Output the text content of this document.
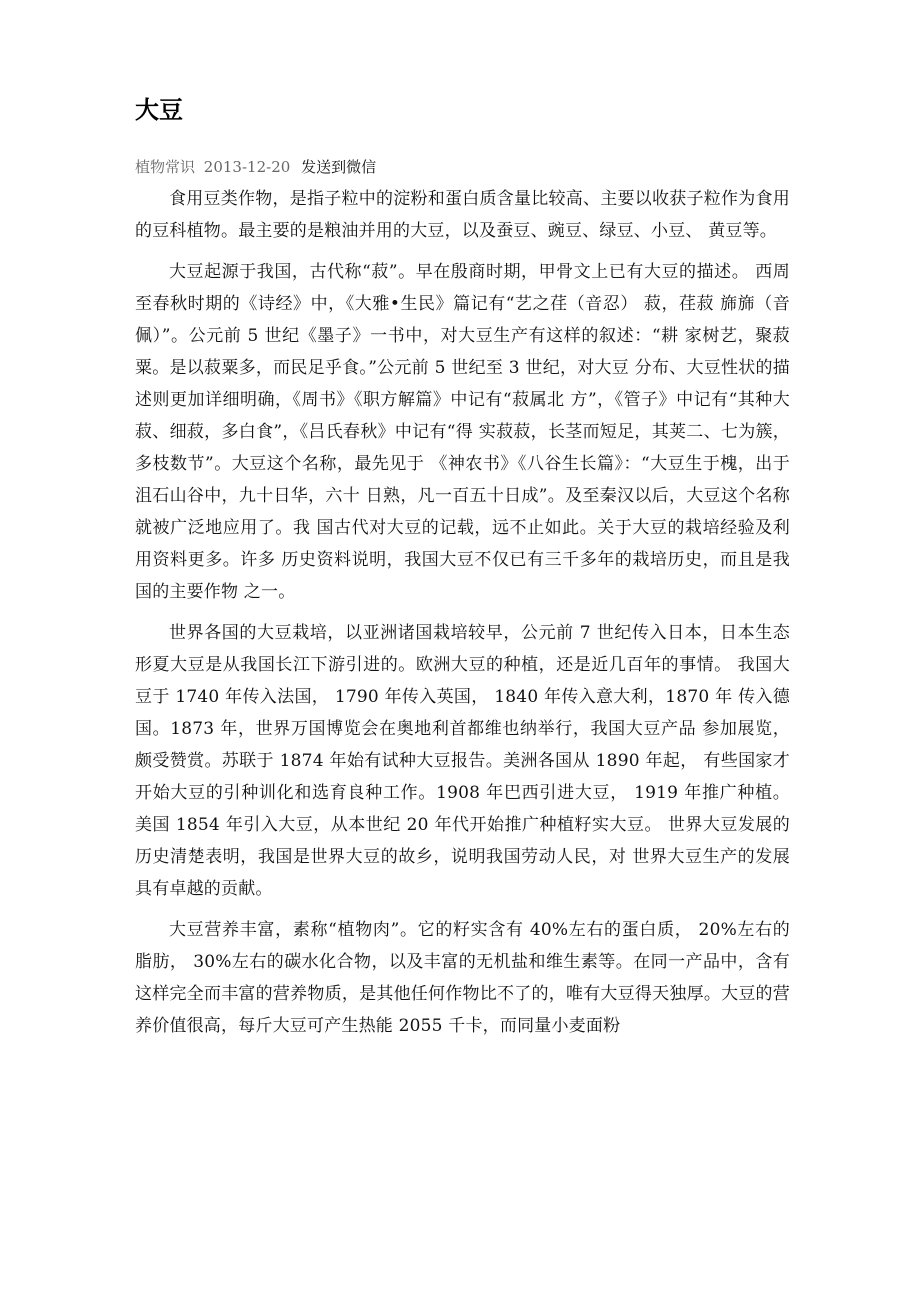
大豆
植物常识 2013-12-20 发送到微信

食用豆类作物，是指子粒中的淀粉和蛋白质含量比较高、主要以收获子粒作为食用的豆科植物。最主要的是粮油并用的大豆，以及蚕豆、豌豆、绿豆、小豆、 黄豆等。

大豆起源于我国，古代称“菽”。早在殷商时期，甲骨文上已有大豆的描述。 西周至春秋时期的《诗经》中，《大雅•生民》篇记有“艺之荏（音忍） 菽，荏菽 旆旆（音佩）”。公元前 5 世纪《墨子》一书中，对大豆生产有这样的叙述：“耕 家树艺，聚菽粟。是以菽粟多，而民足乎食。”公元前 5 世纪至 3 世纪，对大豆 分布、大豆性状的描述则更加详细明确，《周书》《职方解篇》中记有“菽属北 方”，《管子》中记有“其种大菽、细菽，多白食”，《吕氏春秋》中记有“得 实菽菽，长茎而短足，其荚二、七为簇，多枝数节”。大豆这个名称，最先见于 《神农书》《八谷生长篇》：“大豆生于槐，出于沮石山谷中，九十日华，六十 日熟，凡一百五十日成”。及至秦汉以后，大豆这个名称就被广泛地应用了。我 国古代对大豆的记载，远不止如此。关于大豆的栽培经验及利用资料更多。许多 历史资料说明，我国大豆不仅已有三千多年的栽培历史，而且是我国的主要作物 之一。

世界各国的大豆栽培，以亚洲诸国栽培较早，公元前 7 世纪传入日本，日本生态形夏大豆是从我国长江下游引进的。欧洲大豆的种植，还是近几百年的事情。 我国大豆于 1740 年传入法国， 1790 年传入英国， 1840 年传入意大利，1870 年 传入德国。1873 年，世界万国博览会在奥地利首都维也纳举行，我国大豆产品 参加展览，颇受赞赏。苏联于 1874 年始有试种大豆报告。美洲各国从 1890 年起， 有些国家才开始大豆的引种训化和选育良种工作。1908 年巴西引进大豆， 1919 年推广种植。美国 1854 年引入大豆，从本世纪 20 年代开始推广种植籽实大豆。 世界大豆发展的历史清楚表明，我国是世界大豆的故乡，说明我国劳动人民，对 世界大豆生产的发展具有卓越的贡献。

大豆营养丰富，素称“植物肉”。它的籽实含有 40%左右的蛋白质， 20%左右的脂肪， 30%左右的碳水化合物，以及丰富的无机盐和维生素等。在同一产品中，含有这样完全而丰富的营养物质，是其他任何作物比不了的，唯有大豆得天独厚。大豆的营养价值很高，每斤大豆可产生热能 2055 千卡，而同量小麦面粉
